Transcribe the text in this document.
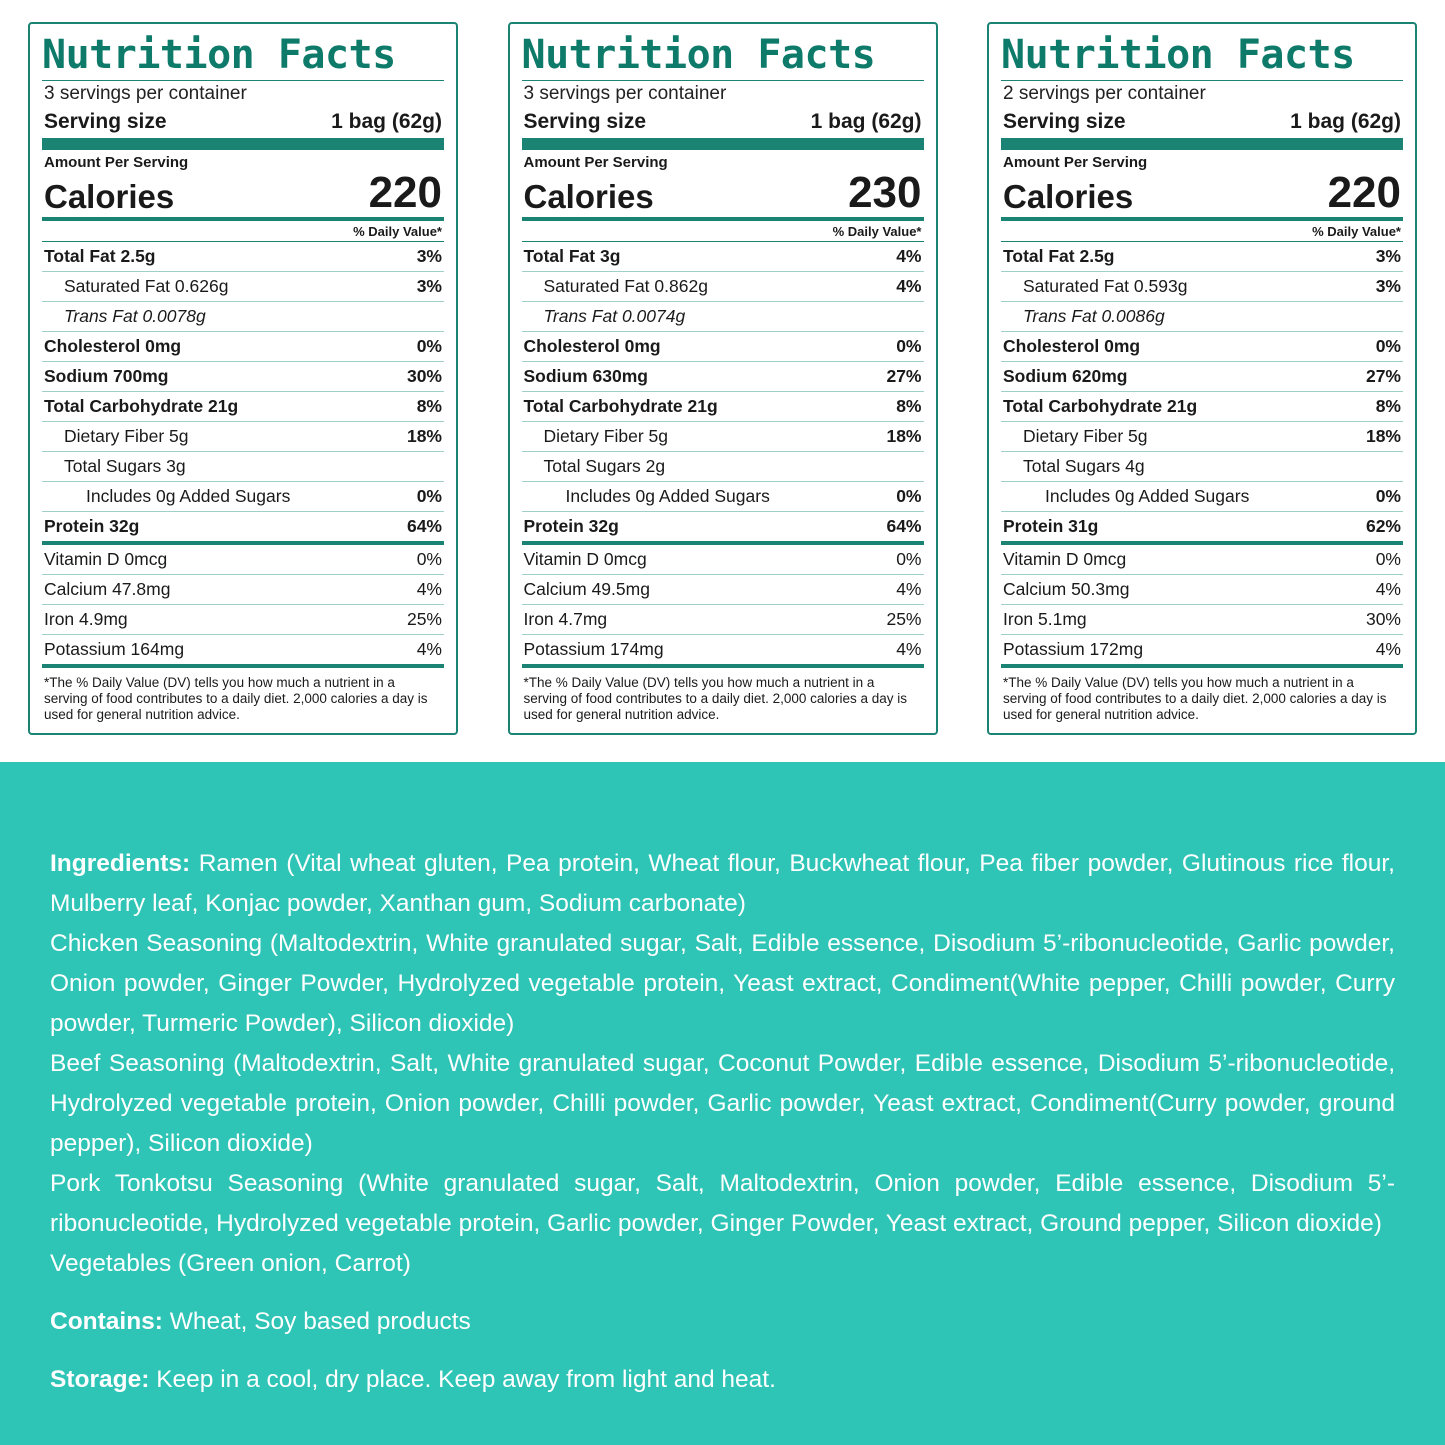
Nutrition Facts
3 servings per container
Serving size	1 bag (62g)
Amount Per Serving
Calories	220
% Daily Value*
Total Fat 2.5g	3%
Saturated Fat 0.626g	3%
Trans Fat 0.0078g
Cholesterol 0mg	0%
Sodium 700mg	30%
Total Carbohydrate 21g	8%
Dietary Fiber 5g	18%
Total Sugars 3g
Includes 0g Added Sugars	0%
Protein 32g	64%
Vitamin D 0mcg	0%
Calcium 47.8mg	4%
Iron 4.9mg	25%
Potassium 164mg	4%
*The % Daily Value (DV) tells you how much a nutrient in a serving of food contributes to a daily diet. 2,000 calories a day is used for general nutrition advice.
Nutrition Facts
3 servings per container
Serving size	1 bag (62g)
Amount Per Serving
Calories	230
% Daily Value*
Total Fat 3g	4%
Saturated Fat 0.862g	4%
Trans Fat 0.0074g
Cholesterol 0mg	0%
Sodium 630mg	27%
Total Carbohydrate 21g	8%
Dietary Fiber 5g	18%
Total Sugars 2g
Includes 0g Added Sugars	0%
Protein 32g	64%
Vitamin D 0mcg	0%
Calcium 49.5mg	4%
Iron 4.7mg	25%
Potassium 174mg	4%
*The % Daily Value (DV) tells you how much a nutrient in a serving of food contributes to a daily diet. 2,000 calories a day is used for general nutrition advice.
Nutrition Facts
2 servings per container
Serving size	1 bag (62g)
Amount Per Serving
Calories	220
% Daily Value*
Total Fat 2.5g	3%
Saturated Fat 0.593g	3%
Trans Fat 0.0086g
Cholesterol 0mg	0%
Sodium 620mg	27%
Total Carbohydrate 21g	8%
Dietary Fiber 5g	18%
Total Sugars 4g
Includes 0g Added Sugars	0%
Protein 31g	62%
Vitamin D 0mcg	0%
Calcium 50.3mg	4%
Iron 5.1mg	30%
Potassium 172mg	4%
*The % Daily Value (DV) tells you how much a nutrient in a serving of food contributes to a daily diet. 2,000 calories a day is used for general nutrition advice.

Ingredients: Ramen (Vital wheat gluten, Pea protein, Wheat flour, Buckwheat flour, Pea fiber powder, Glutinous rice flour, Mulberry leaf, Konjac powder, Xanthan gum, Sodium carbonate)

Chicken Seasoning (Maltodextrin, White granulated sugar, Salt, Edible essence, Disodium 5’-ribonucleotide, Garlic powder, Onion powder, Ginger Powder, Hydrolyzed vegetable protein, Yeast extract, Condiment(White pepper, Chilli powder, Curry powder, Turmeric Powder), Silicon dioxide)

Beef Seasoning (Maltodextrin, Salt, White granulated sugar, Coconut Powder, Edible essence, Disodium 5’-ribonucleotide, Hydrolyzed vegetable protein, Onion powder, Chilli powder, Garlic powder, Yeast extract, Condiment(Curry powder, ground pepper), Silicon dioxide)

Pork Tonkotsu Seasoning (White granulated sugar, Salt, Maltodextrin, Onion powder, Edible essence, Disodium 5’-ribonucleotide, Hydrolyzed vegetable protein, Garlic powder, Ginger Powder, Yeast extract, Ground pepper, Silicon dioxide)

Vegetables (Green onion, Carrot)

Contains: Wheat, Soy based products
Storage: Keep in a cool, dry place. Keep away from light and heat.
